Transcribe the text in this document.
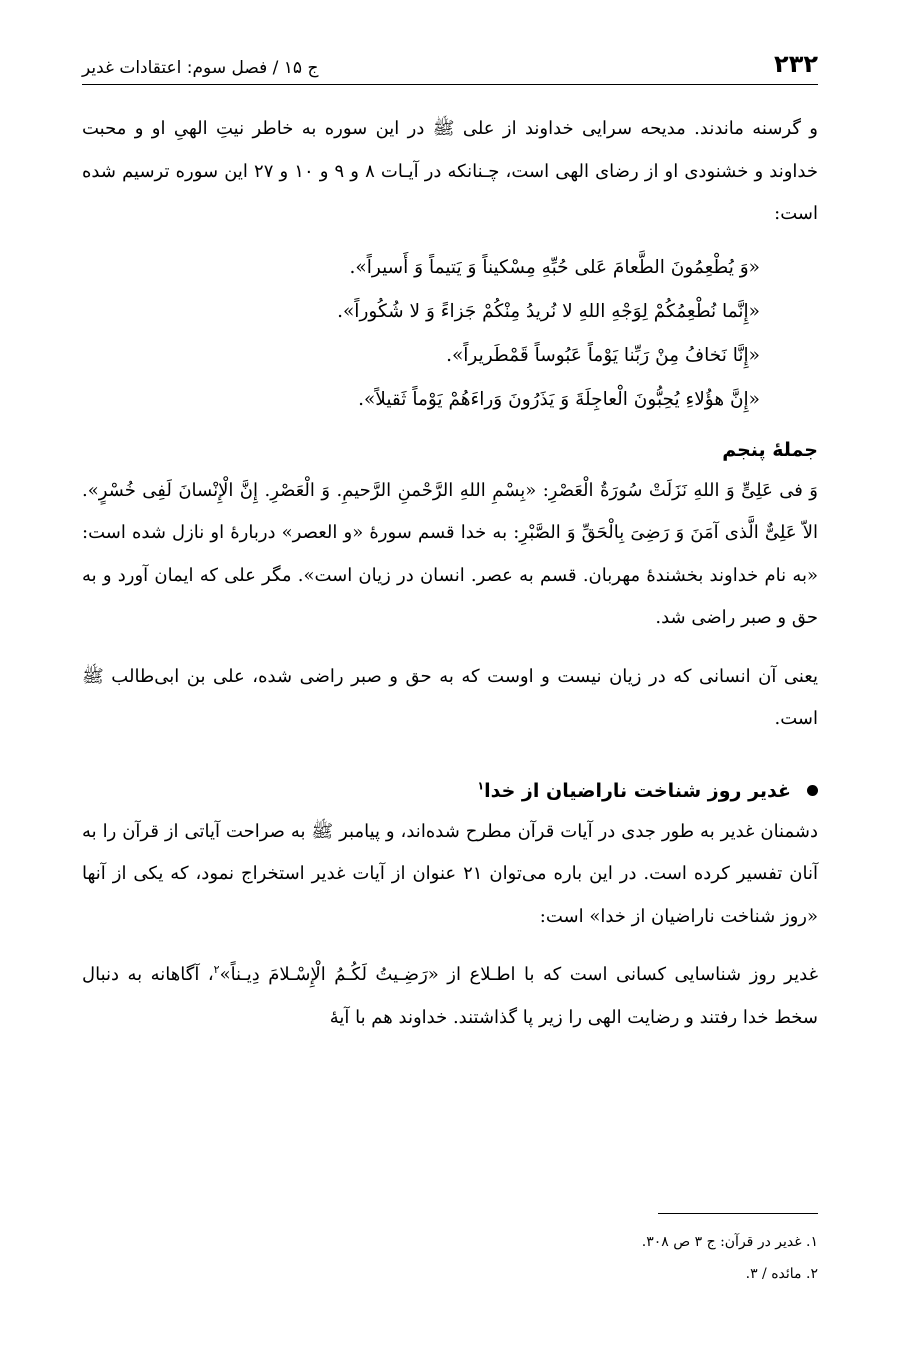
۲۳۲
ج ۱۵ / فصل سوم: اعتقادات غدیر

و گرسنه ماندند. مدیحه سرایی خداوند از علی ﷺ در این سوره به خاطر نیتِ الهیِ او و محبت خداوند و خشنودی او از رضای الهی است، چـنانکه در آیـات ۸ و ۹ و ۱۰ و ۲۷ این سوره ترسیم شده است:

«وَ یُطْعِمُونَ الطَّعامَ عَلی حُبِّهِ مِسْکیناً وَ یَتیماً وَ أَسیراً».
«إِنَّما نُطْعِمُکُمْ لِوَجْهِ اللهِ لا نُریدُ مِنْکُمْ جَزاءً وَ لا شُکُوراً».
«إِنَّا نَخافُ مِنْ رَبِّنا یَوْماً عَبُوساً قَمْطَریراً».
«إِنَّ هؤُلاءِ یُحِبُّونَ الْعاجِلَةَ وَ یَذَرُونَ وَراءَهُمْ یَوْماً ثَقیلاً».
جملۀ پنجم

وَ فی عَلِیٍّ وَ اللهِ نَزَلَتْ سُورَةُ الْعَصْرِ: «بِسْمِ اللهِ الرَّحْمنِ الرَّحیمِ. وَ الْعَصْرِ. إِنَّ الْإِنْسانَ لَفِی خُسْرٍ». الاّ عَلِیٌّ الَّذی آمَنَ وَ رَضِیَ بِالْحَقِّ وَ الصَّبْرِ: به خدا قسم سورۀ «و العصر» دربارۀ او نازل شده است: «به نام خداوند بخشندۀ مهربان. قسم به عصر. انسان در زیان است». مگر علی که ایمان آورد و به حق و صبر راضی شد.

یعنی آن انسانی که در زیان نیست و اوست که به حق و صبر راضی شده، علی بن ابی‌طالب ﷺ است.

غدیر روز شناخت ناراضیان از خدا$^۱$

دشمنان غدیر به طور جدی در آیات قرآن مطرح شده‌اند، و پیامبر ﷺ به صراحت آیاتی از قرآن را به آنان تفسیر کرده است. در این باره می‌توان ۲۱ عنوان از آیات غدیر استخراج نمود، که یکی از آنها «روز شناخت ناراضیان از خدا» است:

غدیر روز شناسایی کسانی است که با اطـلاع از «رَضِـیتُ لَکُـمُ الْإِسْـلامَ دِیـناً»$^۲$، آگاهانه به دنبال سخط خدا رفتند و رضایت الهی را زیر پا گذاشتند. خداوند هم با آیۀ

۱. غدیر در قرآن: ج ۳ ص ۳۰۸.
۲. مائده / ۳.
